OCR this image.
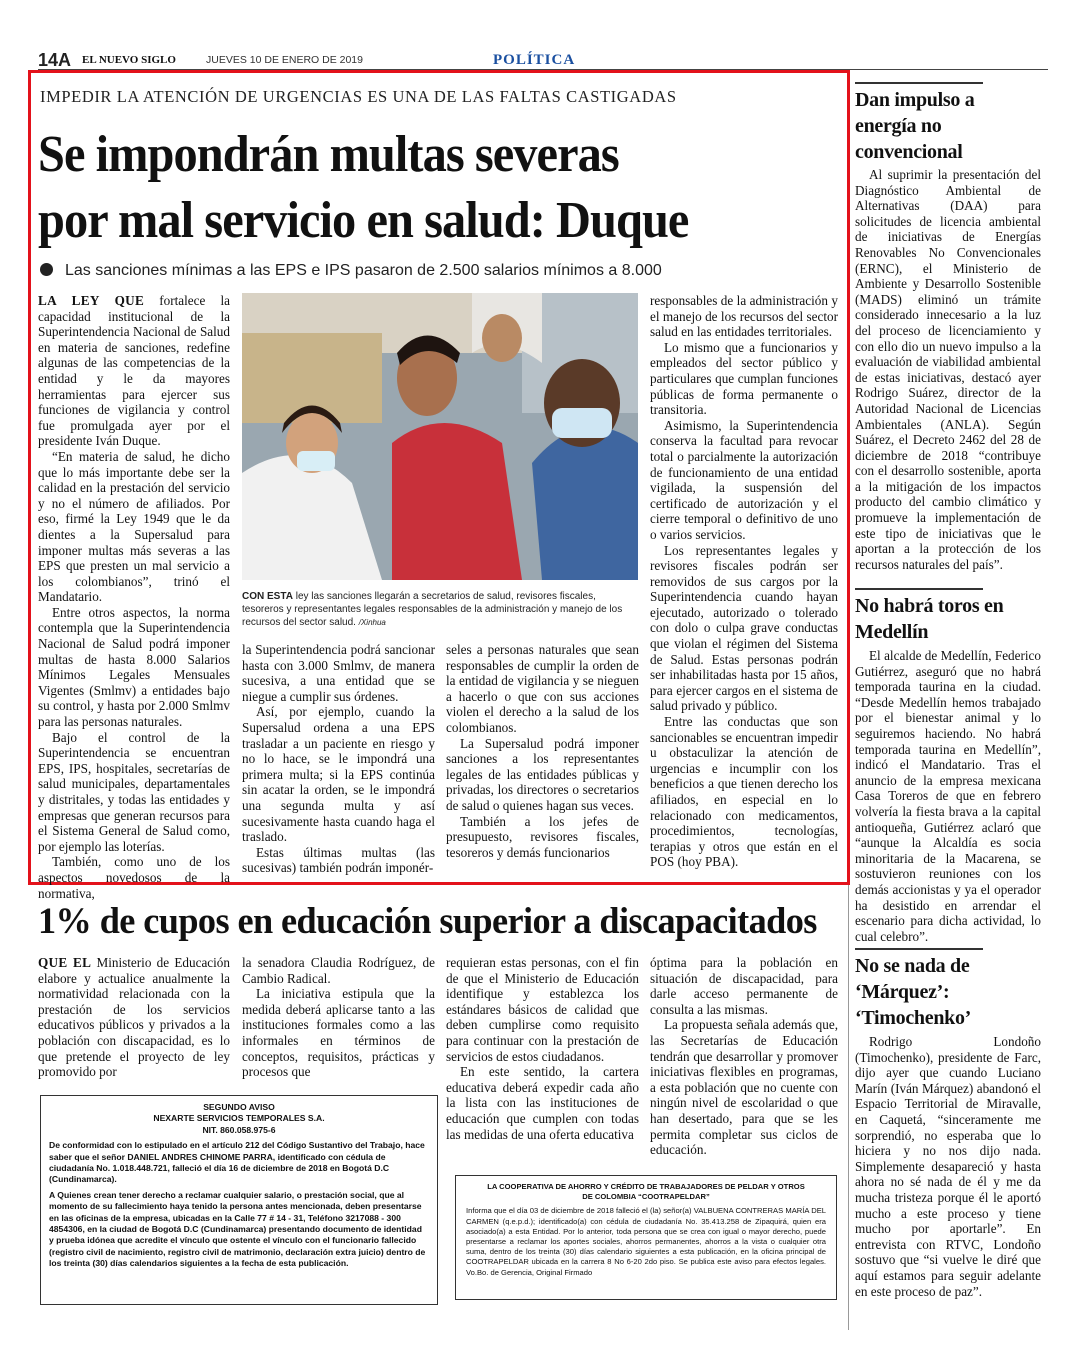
14A EL NUEVO SIGLO	JUEVES 10 DE ENERO DE 2019	POLÍTICA
IMPEDIR LA ATENCIÓN DE URGENCIAS ES UNA DE LAS FALTAS CASTIGADAS
Se impondrán multas severas
por mal servicio en salud: Duque
Las sanciones mínimas a las EPS e IPS pasaron de 2.500 salarios mínimos a 8.000

LA LEY QUE fortalece la capacidad institucional de la Superintendencia Nacional de Salud en materia de sanciones, redefine algunas de las competencias de la entidad y le da mayores herramientas para ejercer sus funciones de vigilancia y control fue promulgada ayer por el presidente Iván Duque.

“En materia de salud, he dicho que lo más importante debe ser la calidad en la prestación del servicio y no el número de afiliados. Por eso, firmé la Ley 1949 que le da dientes a la Supersalud para imponer multas más severas a las EPS que presten un mal servicio a los colombianos”, trinó el Mandatario.

Entre otros aspectos, la norma contempla que la Superintendencia Nacional de Salud podrá imponer multas de hasta 8.000 Salarios Mínimos Legales Mensuales Vigentes (Smlmv) a entidades bajo su control, y hasta por 2.000 Smlmv para las personas naturales.

Bajo el control de la Superintendencia se encuentran EPS, IPS, hospitales, secretarías de salud municipales, departamentales y distritales, y todas las entidades y empresas que generan recursos para el Sistema General de Salud como, por ejemplo las loterías.

También, como uno de los aspectos novedosos de la normativa,

CON ESTA ley las sanciones llegarán a secretarios de salud, revisores fiscales, tesoreros y representantes legales responsables de la administración y manejo de los recursos del sector salud. /Xinhua

la Superintendencia podrá sancionar hasta con 3.000 Smlmv, de manera sucesiva, a una entidad que se niegue a cumplir sus órdenes.

Así, por ejemplo, cuando la Supersalud ordena a una EPS trasladar a un paciente en riesgo y no lo hace, se le impondrá una primera multa; si la EPS continúa sin acatar la orden, se le impondrá una segunda multa y así sucesivamente hasta cuando haga el traslado.

Estas últimas multas (las sucesivas) también podrán imponér-

seles a personas naturales que sean responsables de cumplir la orden de la entidad de vigilancia y se nieguen a hacerlo o que con sus acciones violen el derecho a la salud de los colombianos.

La Supersalud podrá imponer sanciones a los representantes legales de las entidades públicas y privadas, los directores o secretarios de salud o quienes hagan sus veces.

También a los jefes de presupuesto, revisores fiscales, tesoreros y demás funcionarios

responsables de la administración y el manejo de los recursos del sector salud en las entidades territoriales.

Lo mismo que a funcionarios y empleados del sector público y particulares que cumplan funciones públicas de forma permanente o transitoria.

Asimismo, la Superintendencia conserva la facultad para revocar total o parcialmente la autorización de funcionamiento de una entidad vigilada, la suspensión del certificado de autorización y el cierre temporal o definitivo de uno o varios servicios.

Los representantes legales y revisores fiscales podrán ser removidos de sus cargos por la Superintendencia cuando hayan ejecutado, autorizado o tolerado con dolo o culpa grave conductas que violan el régimen del Sistema de Salud. Estas personas podrán ser inhabilitadas hasta por 15 años, para ejercer cargos en el sistema de salud privado y público.

Entre las conductas que son sancionables se encuentran impedir u obstaculizar la atención de urgencias e incumplir con los beneficios a que tienen derecho los afiliados, en especial en lo relacionado con medicamentos, procedimientos, tecnologías, terapias y otros que están en el POS (hoy PBA).

Dan impulso a energía no convencional

Al suprimir la presentación del Diagnóstico Ambiental de Alternativas (DAA) para solicitudes de licencia ambiental de iniciativas de Energías Renovables No Convencionales (ERNC), el Ministerio de Ambiente y Desarrollo Sostenible (MADS) eliminó un trámite considerado innecesario a la luz del proceso de licenciamiento y con ello dio un nuevo impulso a la evaluación de viabilidad ambiental de estas iniciativas, destacó ayer Rodrigo Suárez, director de la Autoridad Nacional de Licencias Ambientales (ANLA). Según Suárez, el Decreto 2462 del 28 de diciembre de 2018 “contribuye con el desarrollo sostenible, aporta a la mitigación de los impactos producto del cambio climático y promueve la implementación de este tipo de iniciativas que le aportan a la protección de los recursos naturales del país”.

No habrá toros en Medellín

El alcalde de Medellín, Federico Gutiérrez, aseguró que no habrá temporada taurina en la ciudad. “Desde Medellín hemos trabajado por el bienestar animal y lo seguiremos haciendo. No habrá temporada taurina en Medellín”, indicó el Mandatario. Tras el anuncio de la empresa mexicana Casa Toreros de que en febrero volvería la fiesta brava a la capital antioqueña, Gutiérrez aclaró que “aunque la Alcaldía es socia minoritaria de la Macarena, se sostuvieron reuniones con los demás accionistas y ya el operador ha desistido en arrendar el escenario para dicha actividad, lo cual celebro”.

No se nada de ‘Márquez’: ‘Timochenko’

Rodrigo Londoño (Timochenko), presidente de Farc, dijo ayer que cuando Luciano Marín (Iván Márquez) abandonó el Espacio Territorial de Miravalle, en Caquetá, “sinceramente me sorprendió, no esperaba que lo hiciera y no nos dijo nada. Simplemente desapareció y hasta ahora no sé nada de él y me da mucha tristeza porque él le aportó mucho a este proceso y tiene mucho por aportarle”. En entrevista con RTVC, Londoño sostuvo que “si vuelve le diré que aquí estamos para seguir adelante en este proceso de paz”.

1% de cupos en educación superior a discapacitados

QUE EL Ministerio de Educación elabore y actualice anualmente la normatividad relacionada con la prestación de los servicios educativos públicos y privados a la población con discapacidad, es lo que pretende el proyecto de ley promovido por

la senadora Claudia Rodríguez, de Cambio Radical.

La iniciativa estipula que la medida deberá aplicarse tanto a las instituciones formales como a las informales en términos de conceptos, requisitos, prácticas y procesos que

requieran estas personas, con el fin de que el Ministerio de Educación identifique y establezca los estándares básicos de calidad que deben cumplirse como requisito para continuar con la prestación de servicios de estos ciudadanos.

En este sentido, la cartera educativa deberá expedir cada año la lista con las instituciones de educación que cumplen con todas las medidas de una oferta educativa

óptima para la población en situación de discapacidad, para darle acceso permanente de consulta a las mismas.

La propuesta señala además que, las Secretarías de Educación tendrán que desarrollar y promover iniciativas flexibles en programas, a esta población que no cuente con ningún nivel de escolaridad o que han desertado, para que se les permita completar sus ciclos de educación.

SEGUNDO AVISO
NEXARTE SERVICIOS TEMPORALES S.A.
NIT. 860.058.975-6

De conformidad con lo estipulado en el artículo 212 del Código Sustantivo del Trabajo, hace saber que el señor DANIEL ANDRES CHINOME PARRA, identificado con cédula de ciudadanía No. 1.018.448.721, falleció el día 16 de diciembre de 2018 en Bogotá D.C (Cundinamarca).

A Quienes crean tener derecho a reclamar cualquier salario, o prestación social, que al momento de su fallecimiento haya tenido la persona antes mencionada, deben presentarse en las oficinas de la empresa, ubicadas en la Calle 77 # 14 - 31, Teléfono 3217088 - 300 4854306, en la ciudad de Bogotá D.C (Cundinamarca) presentando documento de identidad y prueba idónea que acredite el vínculo que ostente el vínculo con el funcionario fallecido (registro civil de nacimiento, registro civil de matrimonio, declaración extra juicio) dentro de los treinta (30) días calendarios siguientes a la fecha de esta publicación.

LA COOPERATIVA DE AHORRO Y CRÉDITO DE TRABAJADORES DE PELDAR Y OTROS DE COLOMBIA “COOTRAPELDAR”

Informa que el día 03 de diciembre de 2018 falleció el (la) señor(a) VALBUENA CONTRERAS MARÍA DEL CARMEN (q.e.p.d.); identificado(a) con cédula de ciudadanía No. 35.413.258 de Zipaquirá, quien era asociado(a) a esta Entidad. Por lo anterior, toda persona que se crea con igual o mayor derecho, puede presentarse a reclamar los aportes sociales, ahorros permanentes, ahorros a la vista o cualquier otra suma, dentro de los treinta (30) días calendario siguientes a esta publicación, en la oficina principal de COOTRAPELDAR ubicada en la carrera 8 No 6-20 2do piso. Se publica este aviso para efectos legales. Vo.Bo. de Gerencia, Original Firmado
